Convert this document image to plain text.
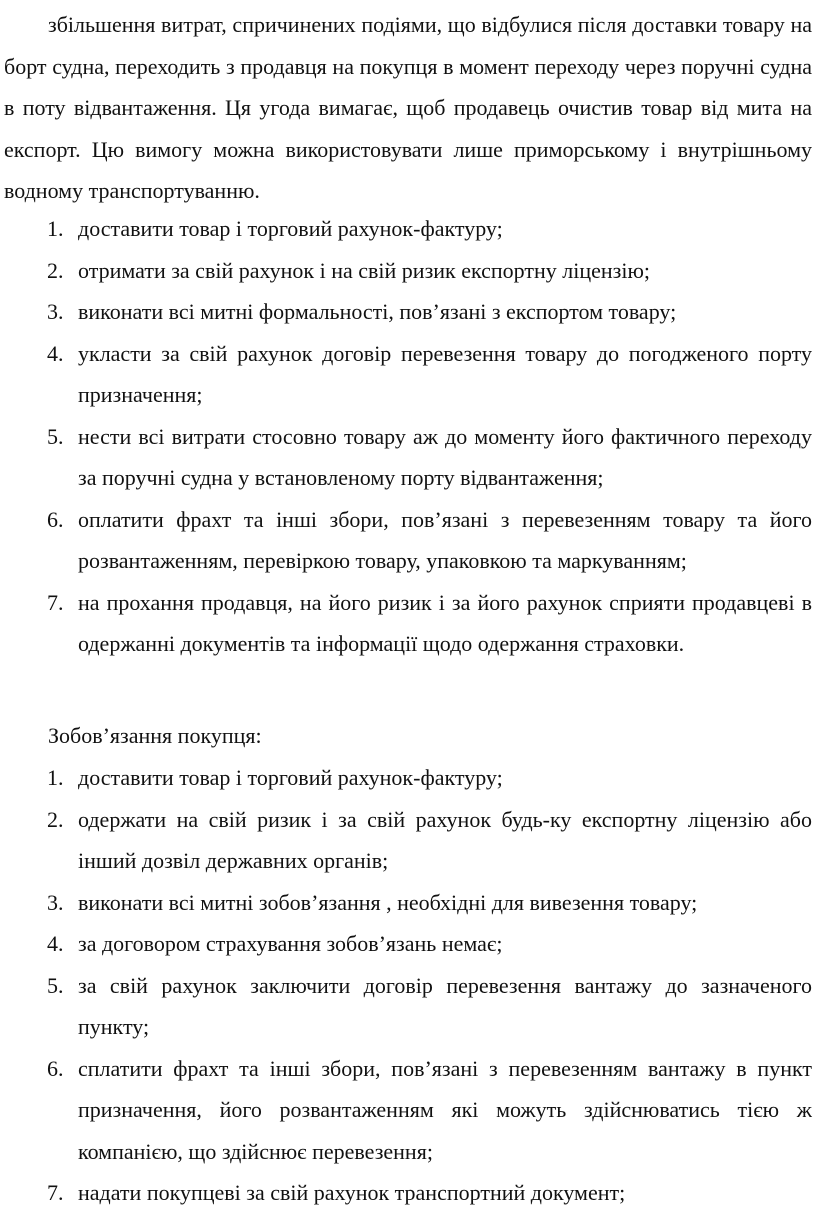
збільшення витрат, спричинених подіями, що відбулися після доставки товару на борт судна, переходить з продавця на покупця в момент переходу через поручні судна в поту відвантаження. Ця угода вимагає, щоб продавець очистив товар від мита на експорт. Цю вимогу можна використовувати лише приморському і внутрішньому водному транспортуванню.

1. доставити товар і торговий рахунок-фактуру;
2. отримати за свій рахунок і на свій ризик експортну ліцензію;
3. виконати всі митні формальності, пов’язані з експортом товару;
4. укласти за свій рахунок договір перевезення товару до погодженого порту призначення;
5. нести всі витрати стосовно товару аж до моменту його фактичного переходу за поручні судна у встановленому порту відвантаження;
6. оплатити фрахт та інші збори, пов’язані з перевезенням товару та його розвантаженням, перевіркою товару, упаковкою та маркуванням;
7. на прохання продавця, на його ризик і за його рахунок сприяти продавцеві в одержанні документів та інформації щодо одержання страховки.

Зобов’язання покупця:

1. доставити товар і торговий рахунок-фактуру;
2. одержати на свій ризик і за свій рахунок будь-ку експортну ліцензію або інший дозвіл державних органів;
3. виконати всі митні зобов’язання , необхідні для вивезення товару;
4. за договором страхування зобов’язань немає;
5. за свій рахунок заключити договір перевезення вантажу до зазначеного пункту;
6. сплатити фрахт та інші збори, пов’язані з перевезенням вантажу в пункт призначення, його розвантаженням які можуть здійснюватись тією ж компанією, що здійснює перевезення;
7. надати покупцеві за свій рахунок транспортний документ;
